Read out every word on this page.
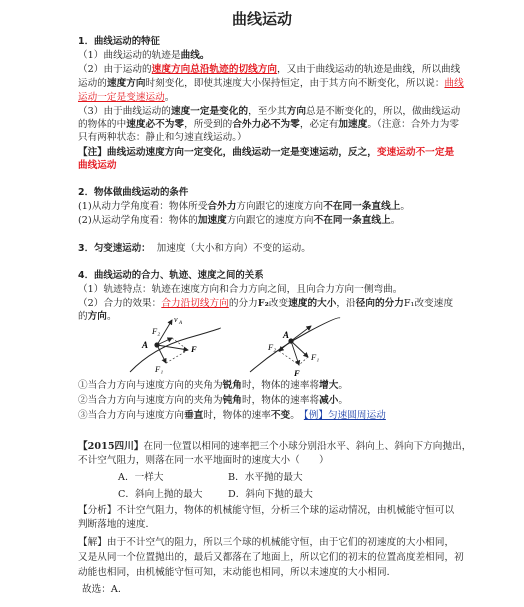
曲线运动
1．曲线运动的特征
（1）曲线运动的轨迹是曲线。
（2）由于运动的速度方向总沿轨迹的切线方向，又由于曲线运动的轨迹是曲线，所以曲线
运动的速度方向时刻变化，即使其速度大小保持恒定，由于其方向不断变化，所以说：曲线
运动一定是变速运动。
（3）由于曲线运动的速度一定是变化的，至少其方向总是不断变化的，所以，做曲线运动
的物体的中速度必不为零，所受到的合外力必不为零，必定有加速度。（注意：合外力为零
只有两种状态：静止和匀速直线运动。）
【注】曲线运动速度方向一定变化，曲线运动一定是变速运动，反之，变速运动不一定是
曲线运动
2．物体做曲线运动的条件
(1)从动力学角度看：物体所受合外力方向跟它的速度方向不在同一条直线上。
(2)从运动学角度看：物体的加速度方向跟它的速度方向不在同一条直线上。
3．匀变速运动： 加速度（大小和方向）不变的运动。
4．曲线运动的合力、轨迹、速度之间的关系
（1）轨迹特点：轨迹在速度方向和合力方向之间，且向合力方向一侧弯曲。
（2）合力的效果：合力沿切线方向的分力F₂改变速度的大小，沿径向的分力F₁改变速度
的方向。	v A
F₂
A	F
F₁
F₂
A
F₁
F
①当合力方向与速度方向的夹角为锐角时，物体的速率将增大。
②当合力方向与速度方向的夹角为钝角时，物体的速率将减小。
③当合力方向与速度方向垂直时，物体的速率不变。 【例】匀速圆周运动
【2015四川】在同一位置以相同的速率把三个小球分别沿水平、斜向上、斜向下方向抛出，
不计空气阻力，则落在同一水平地面时的速度大小（　　）
A．一样大	B．水平抛的最大
C．斜向上抛的最大	D．斜向下抛的最大
【分析】不计空气阻力，物体的机械能守恒，分析三个球的运动情况，由机械能守恒可以
判断落地的速度．
【解】由于不计空气的阻力，所以三个球的机械能守恒，由于它们的初速度的大小相同，
又是从同一个位置抛出的，最后又都落在了地面上，所以它们的初末的位置高度差相同，初
动能也相同，由机械能守恒可知，末动能也相同，所以末速度的大小相同．
故选：A．
